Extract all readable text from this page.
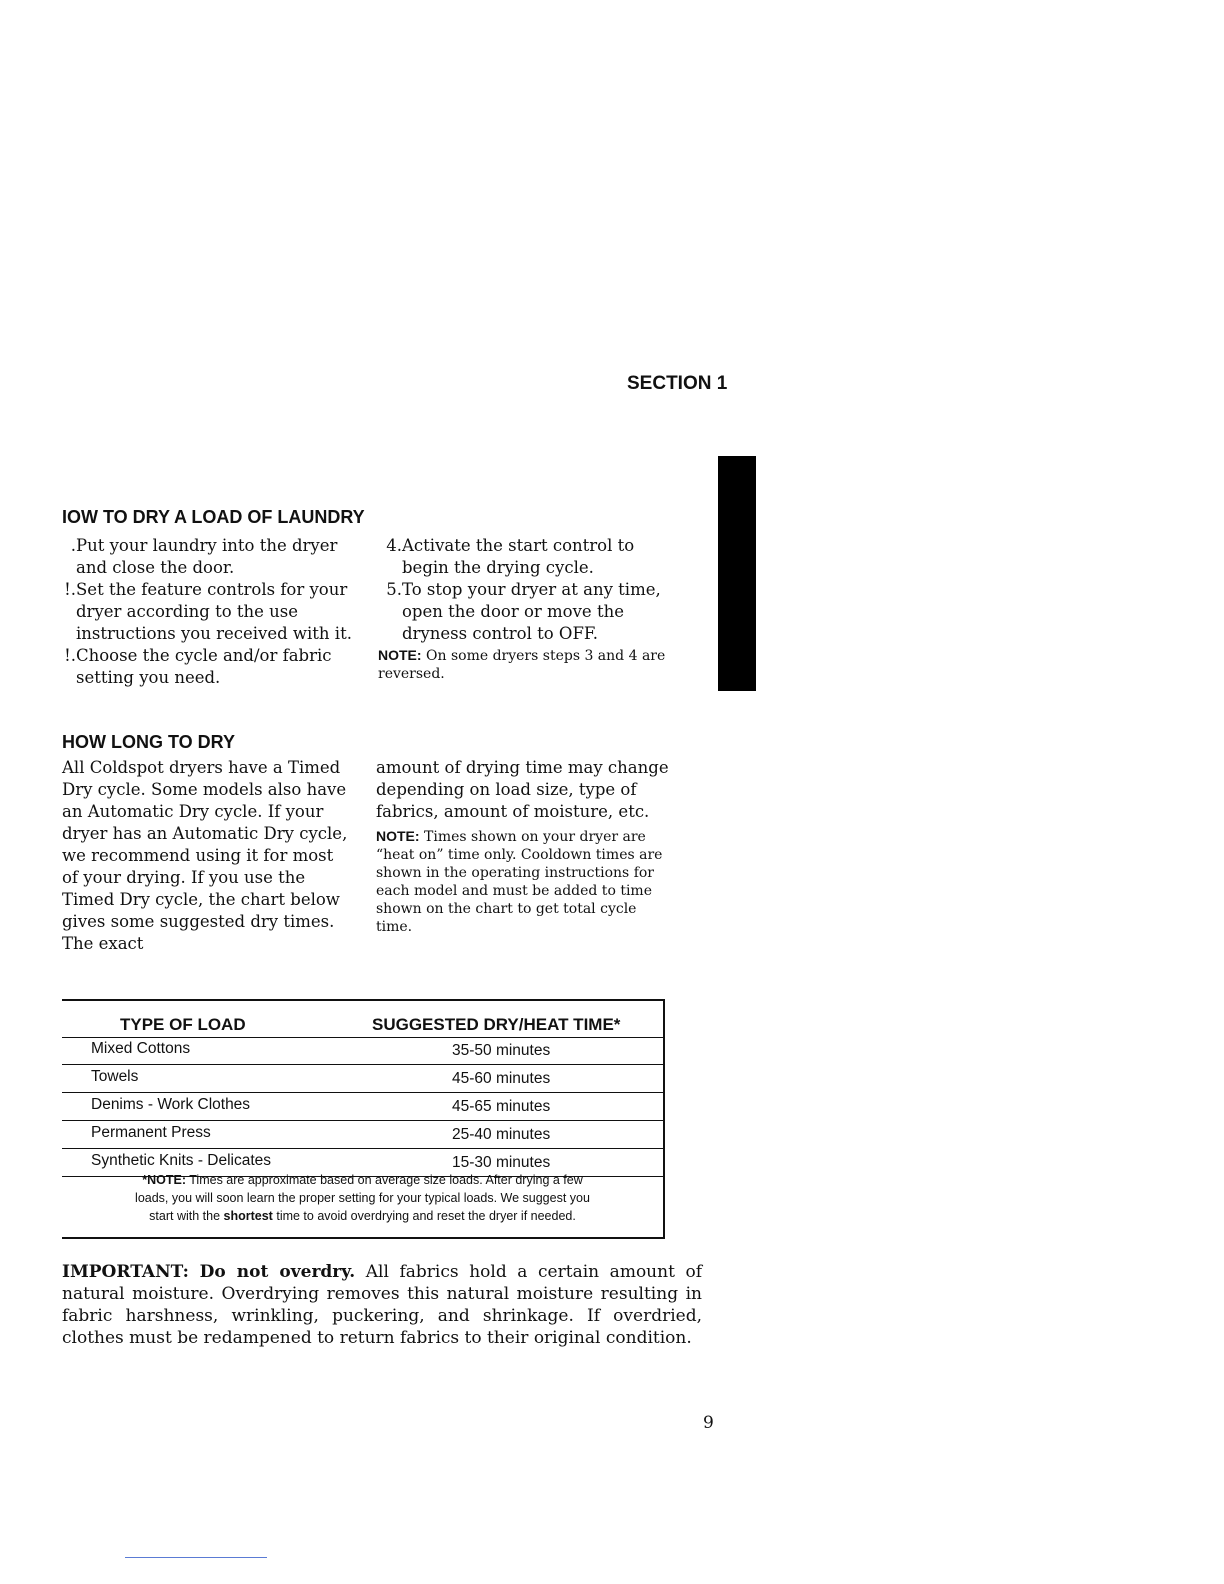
SECTION 1
IOW TO DRY A LOAD OF LAUNDRY

. Put your laundry into the dryer and close the door.

!. Set the feature controls for your dryer according to the use instructions you received with it.

!. Choose the cycle and/or fabric setting you need.

4. Activate the start control to begin the drying cycle.

5. To stop your dryer at any time, open the door or move the dryness control to OFF.

NOTE: On some dryers steps 3 and 4 are reversed.
HOW LONG TO DRY
All Coldspot dryers have a Timed Dry cycle. Some models also have an Automatic Dry cycle. If your dryer has an Automatic Dry cycle, we recommend using it for most of your drying. If you use the Timed Dry cycle, the chart below gives some suggested dry times. The exact
amount of drying time may change depending on load size, type of fabrics, amount of moisture, etc.
NOTE: Times shown on your dryer are “heat on” time only. Cooldown times are shown in the operating instructions for each model and must be added to time shown on the chart to get total cycle time.
TYPE OF LOAD	SUGGESTED DRY/HEAT TIME*
Mixed Cottons	35-50 minutes
Towels	45-60 minutes
Denims - Work Clothes	45-65 minutes
Permanent Press	25-40 minutes
Synthetic Knits - Delicates	15-30 minutes
*NOTE: Times are approximate based on average size loads. After drying a few
loads, you will soon learn the proper setting for your typical loads. We suggest you
start with the shortest time to avoid overdrying and reset the dryer if needed.
IMPORTANT: Do not overdry. All fabrics hold a certain amount of natural moisture. Overdrying removes this natural moisture resulting in fabric harshness, wrinkling, puckering, and shrinkage. If overdried, clothes must be redampened to return fabrics to their original condition.
9
